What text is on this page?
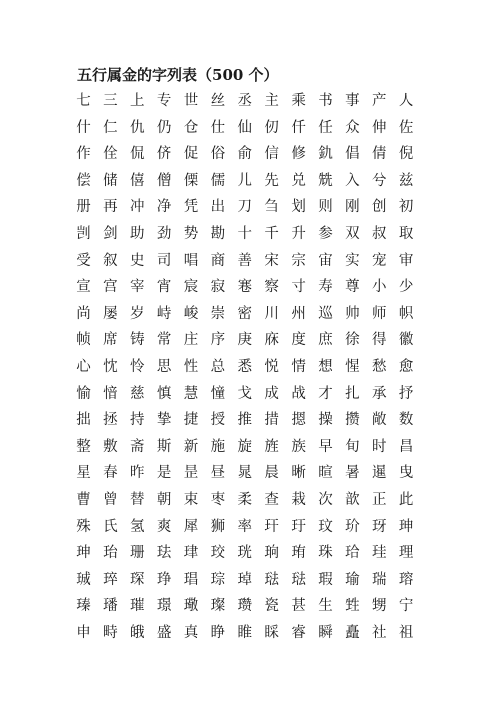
五行属金的字列表（500 个）
七 三 上 专 世 丝 丞 主 乘 书 事 产 人
什 仁 仇 仍 仓 仕 仙 仞 仟 任 众 伸 佐
作 佺 侃 侪 促 俗 俞 信 修 釚 倡 倩 倪
偿 储 僖 僧 傈 儒 儿 先 兑 兟 入 兮 兹
册 再 冲 净 凭 出 刀 刍 划 则 刚 创 初
剀 剑 助 劲 势 勘 十 千 升 参 双 叔 取
受 叙 史 司 唱 商 善 宋 宗 宙 实 宠 审
宣 宫 宰 宵 宸 寂 寋 察 寸 寿 尊 小 少
尚 屡 岁 峙 峻 崇 密 川 州 巡 帅 师 帜
帧 席 铸 常 庄 序 庚 庥 度 庶 徐 得 徽
心 忱 怜 思 性 总 悉 悦 情 想 惺 愁 愈
愉 愔 慈 慎 慧 憧 戈 成 战 才 扎 承 抒
拙 拯 持 挚 捷 授 推 措 摁 操 攒 敞 数
整 敷 斋 斯 新 施 旋 旌 族 早 旬 时 昌
星 春 昨 是 昰 昼 晁 晨 晰 暄 暑 暹 曳
曹 曾 替 朝 束 枣 柔 查 栽 次 歆 正 此
殊 氏 氢 爽 犀 狮 率 玕 玗 玟 玠 玡 珅
珅 珆 珊 珐 珒 珓 珖 珦 珛 珠 珨 珪 理
珹 琗 琛 琤 琩 琮 琸 琺 琺 瑕 瑜 瑞 瑢
瑧 璠 璀 璟 璥 璨 瓒 瓷 甚 生 甡 甥 宁
申 畤 皒 盛 真 睁 睢 睬 睿 瞬 矗 社 祖
